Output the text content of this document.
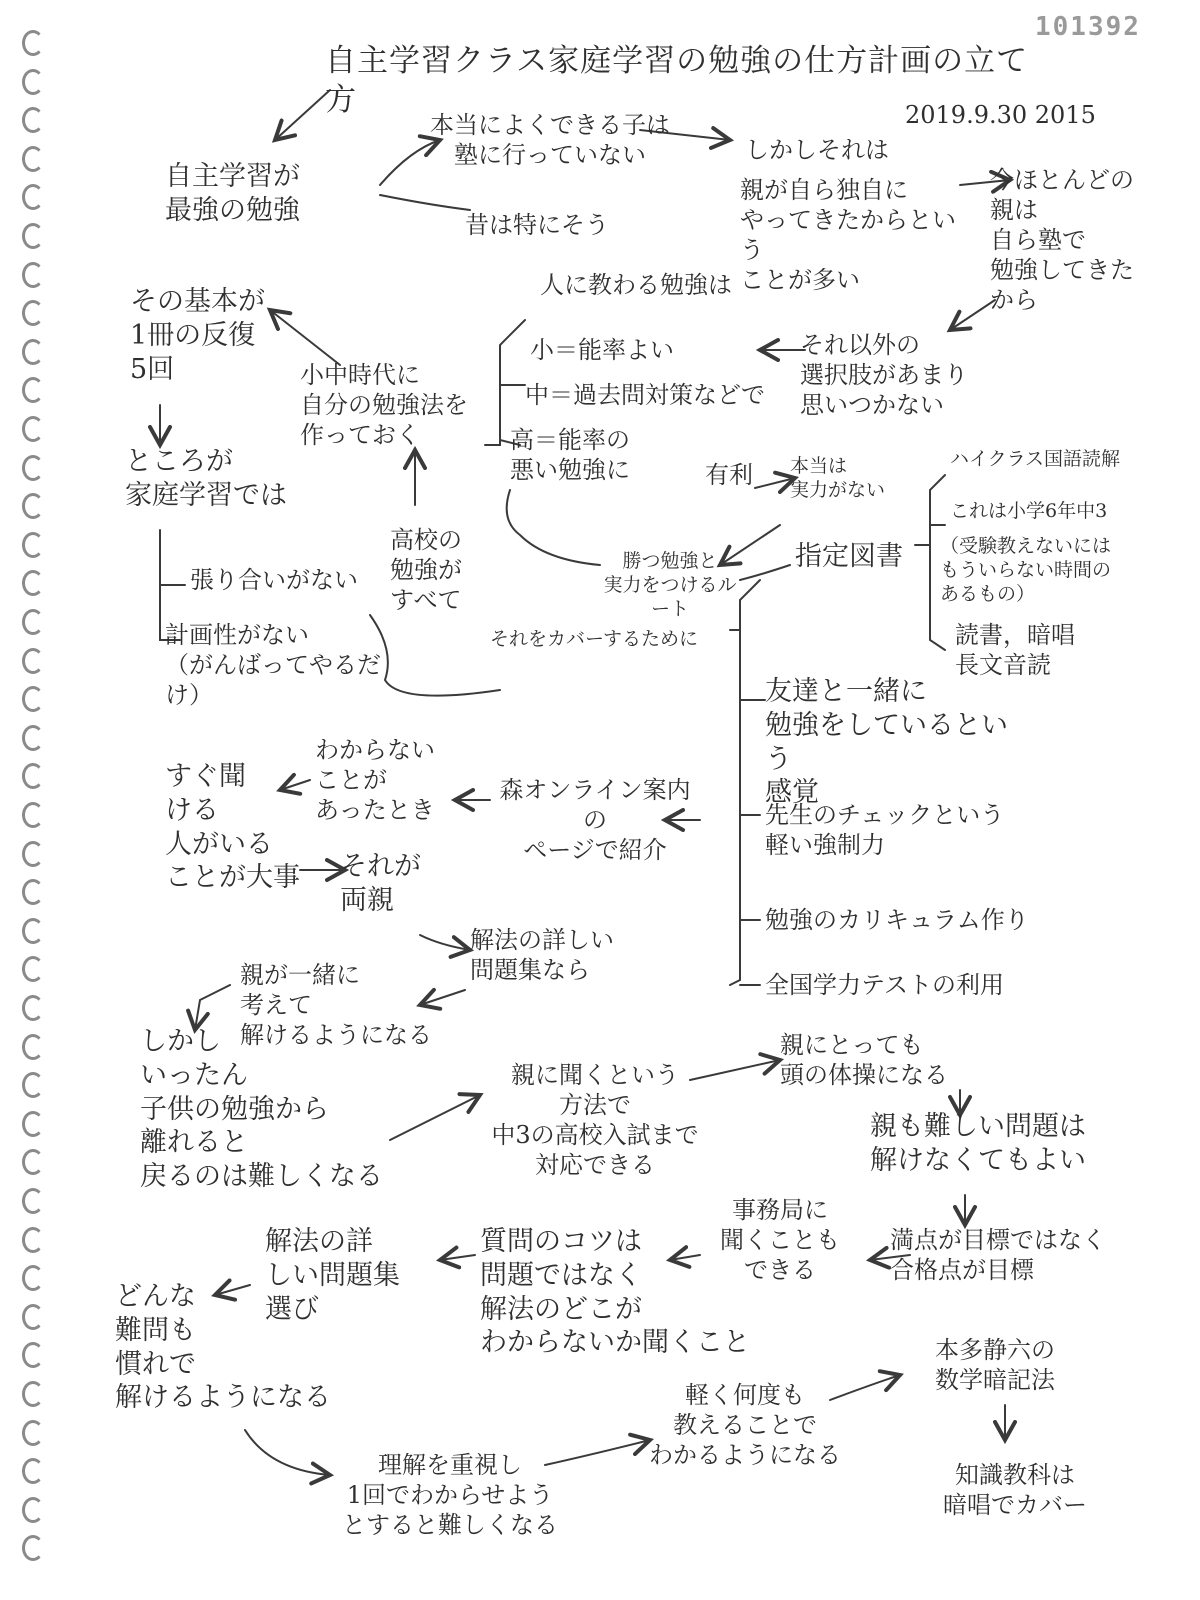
101392
自主学習クラス家庭学習の勉強の仕方計画の立て方	2019.9.30 2015
自主学習が
最強の勉強
本当によくできる子は
塾に行っていない
昔は特にそう
しかしそれは
親が自ら独自に
やってきたからという
ことが多い
今ほとんどの
親は
自ら塾で
勉強してきた
から
それ以外の
選択肢があまり
思いつかない
人に教わる勉強は
小＝能率よい
中＝過去問対策などで
高＝能率の
悪い勉強に	有利	本当は
実力がない
勝つ勉強と
実力をつけるルート
その基本が
1冊の反復
5回	小中時代に
自分の勉強法を
作っておく
高校の
勉強が
すべて
ところが
家庭学習では
張り合いがない
計画性がない
（がんばってやるだけ）
それをカバーするために
指定図書
ハイクラス国語読解
これは小学6年中3
（受験教えないには
もういらない時間の
あるもの）
読書，暗唱
長文音読
友達と一緒に
勉強をしているという
感覚
先生のチェックという
軽い強制力
勉強のカリキュラム作り
全国学力テストの利用
わからない
ことが
あったとき
すぐ聞
ける
人がいる
ことが大事
森オンライン案内
の
ページで紹介
それが
両親
解法の詳しい
問題集なら
親が一緒に
考えて
解けるようになる
しかし
いったん
子供の勉強から
離れると
戻るのは難しくなる
親に聞くという
方法で
中3の高校入試まで
対応できる
親にとっても
頭の体操になる
親も難しい問題は
解けなくてもよい
満点が目標ではなく
合格点が目標
事務局に
聞くことも
できる
質問のコツは
問題ではなく
解法のどこが
わからないか聞くこと
解法の詳
しい問題集
選び
どんな
難問も
慣れで
解けるようになる
理解を重視し
1回でわからせよう
とすると難しくなる
軽く何度も
教えることで
わかるようになる
本多静六の
数学暗記法
知識教科は
暗唱でカバー
